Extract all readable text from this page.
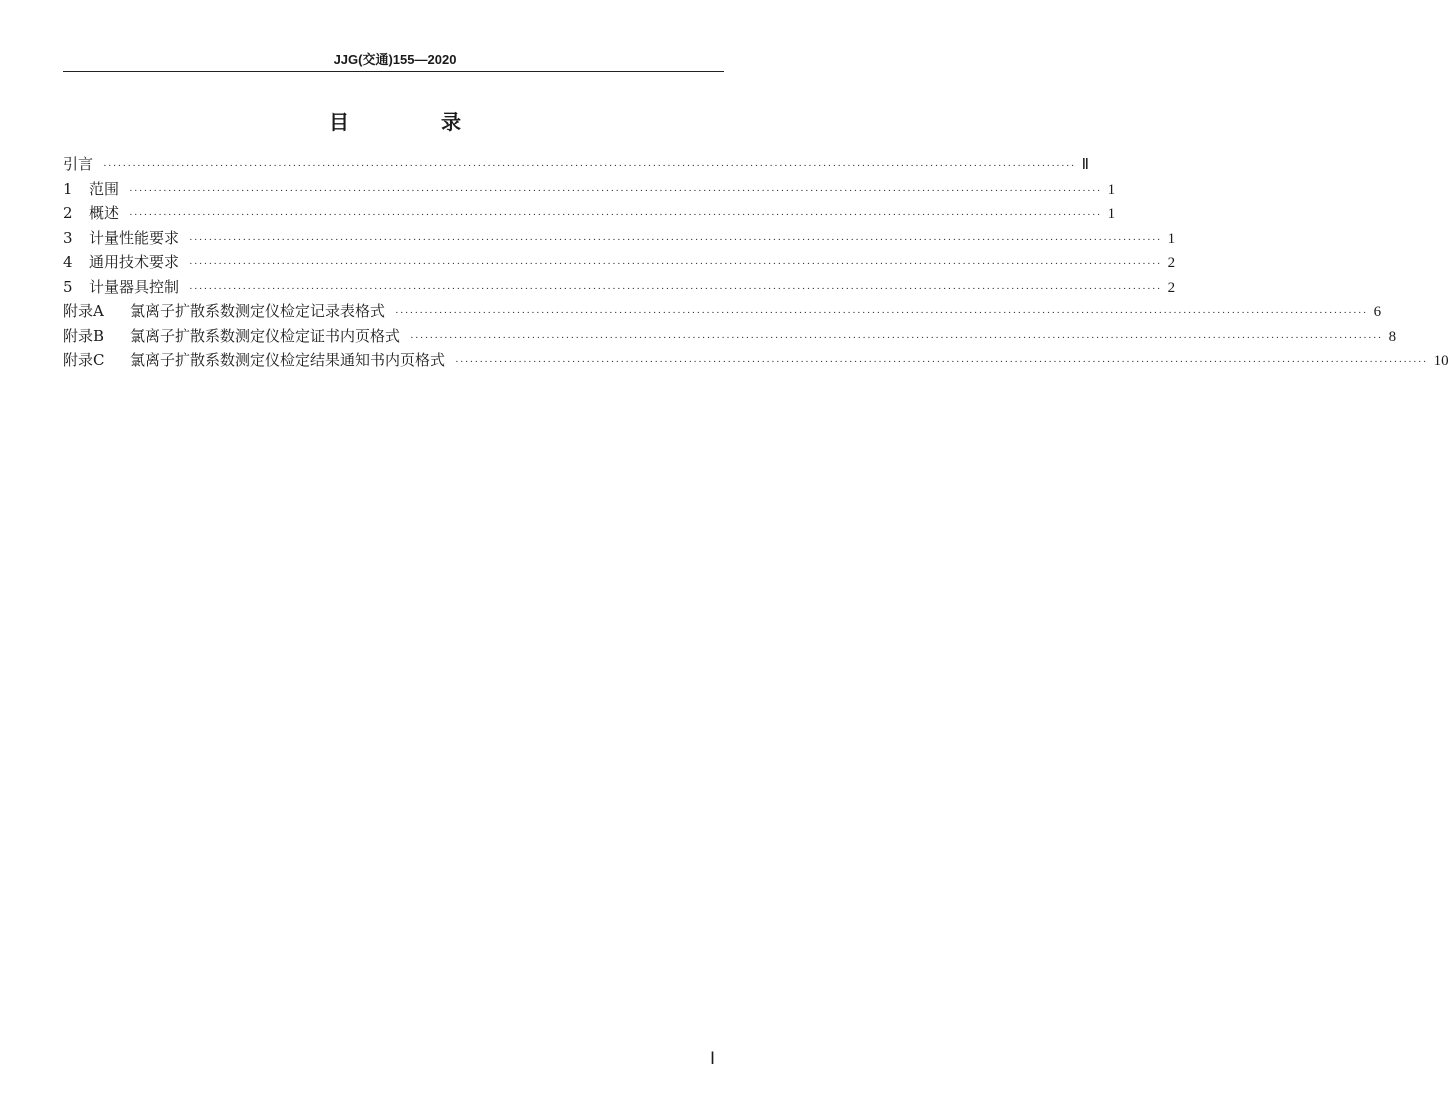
JJG(交通)155—2020
目　录
引言 ········································································································································································································ Ⅱ
1	范围 ········································································································································································································ 1
2	概述 ········································································································································································································ 1
3	计量性能要求 ········································································································································································································ 1
4	通用技术要求 ········································································································································································································ 2
5	计量器具控制 ········································································································································································································ 2
附录A	氯离子扩散系数测定仪检定记录表格式 ········································································································································································································ 6
附录B	氯离子扩散系数测定仪检定证书内页格式 ········································································································································································································ 8
附录C	氯离子扩散系数测定仪检定结果通知书内页格式 ········································································································································································································ 10
Ⅰ
